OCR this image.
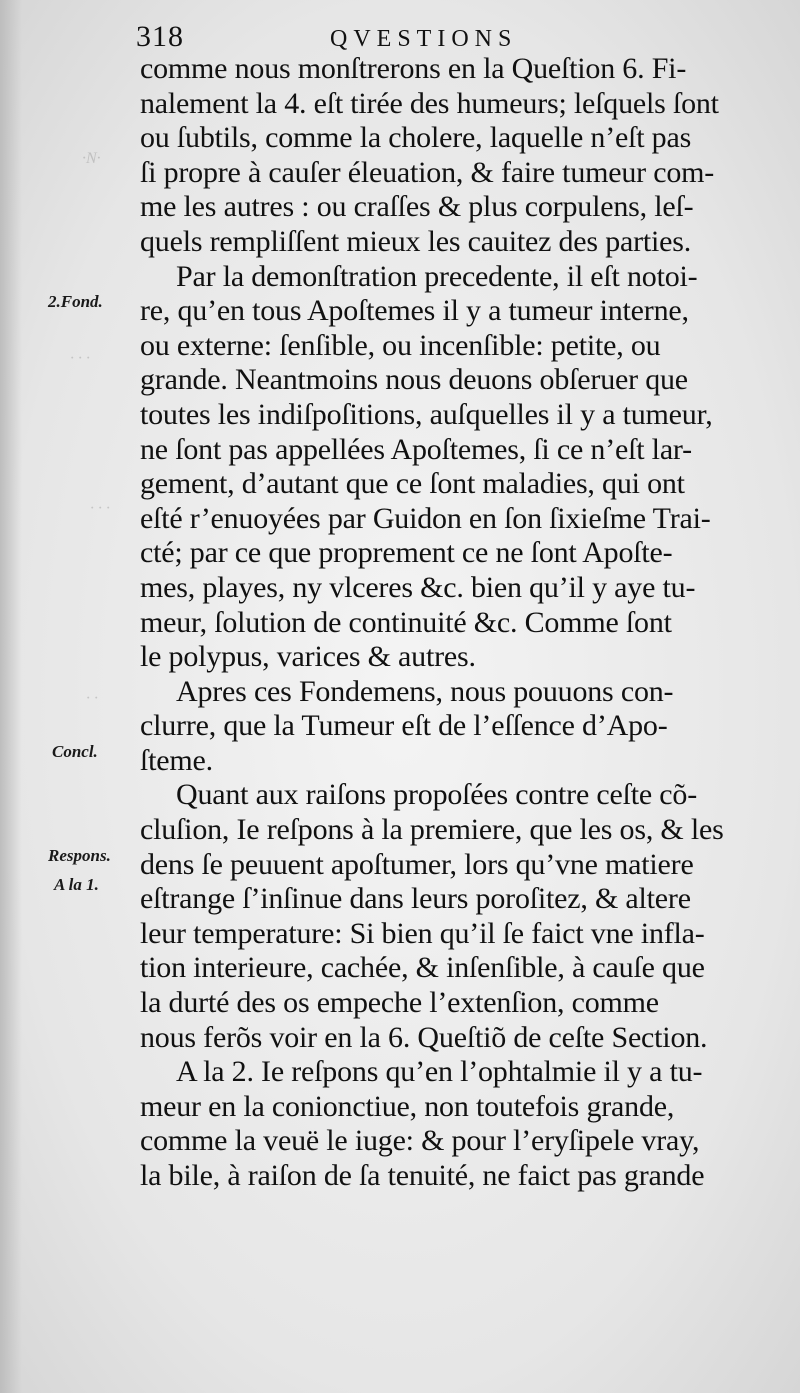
·N·
· · ·
· · ·
· ·
318	QVESTIONS
2.Fond.
Concl.
Respons.
A la 1.
comme nous monſtrerons en la Queſtion 6. Fi-
nalement la 4. eſt tirée des humeurs; leſquels ſont
ou ſubtils, comme la cholere, laquelle n’eſt pas
ſi propre à cauſer éleuation, & faire tumeur com-
me les autres : ou craſſes & plus corpulens, leſ-
quels rempliſſent mieux les cauitez des parties.
Par la demonſtration precedente, il eſt notoi-
re, qu’en tous Apoſtemes il y a tumeur interne,
ou externe: ſenſible, ou incenſible: petite, ou
grande. Neantmoins nous deuons obſeruer que
toutes les indiſpoſitions, auſquelles il y a tumeur,
ne ſont pas appellées Apoſtemes, ſi ce n’eſt lar-
gement, d’autant que ce ſont maladies, qui ont
eſté r’enuoyées par Guidon en ſon ſixieſme Trai-
cté; par ce que proprement ce ne ſont Apoſte-
mes, playes, ny vlceres &c. bien qu’il y aye tu-
meur, ſolution de continuité &c. Comme ſont
le polypus, varices & autres.
Apres ces Fondemens, nous pouuons con-
clurre, que la Tumeur eſt de l’eſſence d’Apo-
ſteme.
Quant aux raiſons propoſées contre ceſte cõ-
cluſion, Ie reſpons à la premiere, que les os, & les
dens ſe peuuent apoſtumer, lors qu’vne matiere
eſtrange ſ’inſinue dans leurs poroſitez, & altere
leur temperature: Si bien qu’il ſe faict vne infla-
tion interieure, cachée, & inſenſible, à cauſe que
la durté des os empeche l’extenſion, comme
nous ferõs voir en la 6. Queſtiõ de ceſte Section.
A la 2. Ie reſpons qu’en l’ophtalmie il y a tu-
meur en la conionctiue, non toutefois grande,
comme la veuë le iuge: & pour l’eryſipele vray,
la bile, à raiſon de ſa tenuité, ne faict pas grande
